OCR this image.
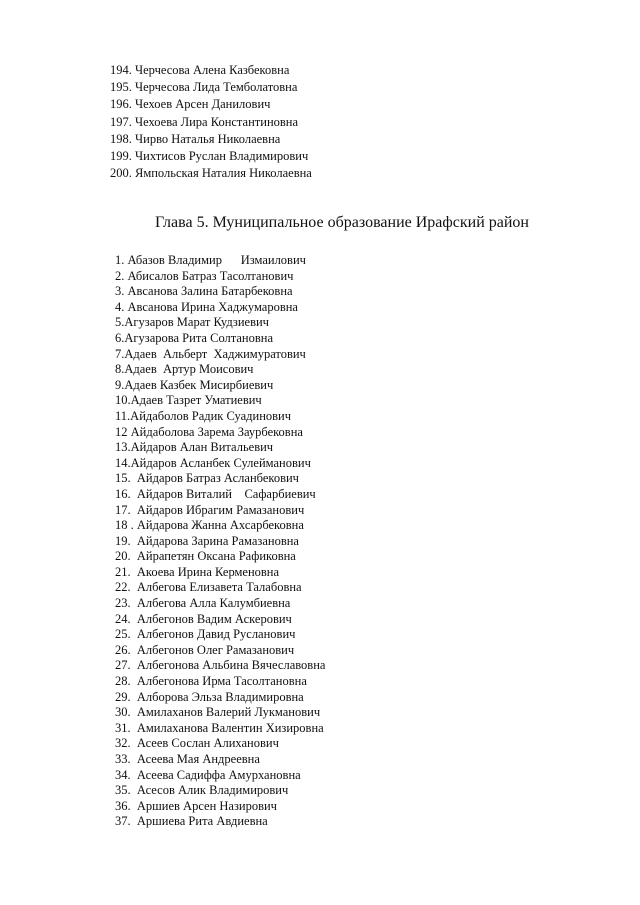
194. Черчесова Алена Казбековна
195. Черчесова Лида Темболатовна
196. Чехоев Арсен Данилович
197. Чехоева Лира Константиновна
198. Чирво Наталья Николаевна
199. Чихтисов Руслан Владимирович
200. Ямпольская Наталия Николаевна
Глава 5. Муниципальное образование Ирафский район
1. Абазов Владимир      Измаилович
2. Абисалов Батраз Тасолтанович
3. Авсанова Залина Батарбековна
4. Авсанова Ирина Хаджумаровна
5.Агузаров Марат Кудзиевич
6.Агузарова Рита Солтановна
7.Адаев  Альберт  Хаджимуратович
8.Адаев  Артур Моисович
9.Адаев Казбек Мисирбиевич
10.Адаев Тазрет Уматиевич
11.Айдаболов Радик Суадинович
12 Айдаболова Зарема Заурбековна
13.Айдаров Алан Витальевич
14.Айдаров Асланбек Сулейманович
15.  Айдаров Батраз Асланбекович
16.  Айдаров Виталий    Сафарбиевич
17.  Айдаров Ибрагим Рамазанович
18 . Айдарова Жанна Ахсарбековна
19.  Айдарова Зарина Рамазановна
20.  Айрапетян Оксана Рафиковна
21.  Акоева Ирина Керменовна
22.  Албегова Елизавета Талабовна
23.  Албегова Алла Калумбиевна
24.  Албегонов Вадим Аскерович
25.  Албегонов Давид Русланович
26.  Албегонов Олег Рамазанович
27.  Албегонова Альбина Вячеславовна
28.  Албегонова Ирма Тасолтановна
29.  Алборова Эльза Владимировна
30.  Амилаханов Валерий Лукманович
31.  Амилаханова Валентин Хизировна
32.  Асеев Сослан Алиханович
33.  Асеева Мая Андреевна
34.  Асеева Садиффа Амурхановна
35.  Асесов Алик Владимирович
36.  Аршиев Арсен Назирович
37.  Аршиева Рита Авдиевна
